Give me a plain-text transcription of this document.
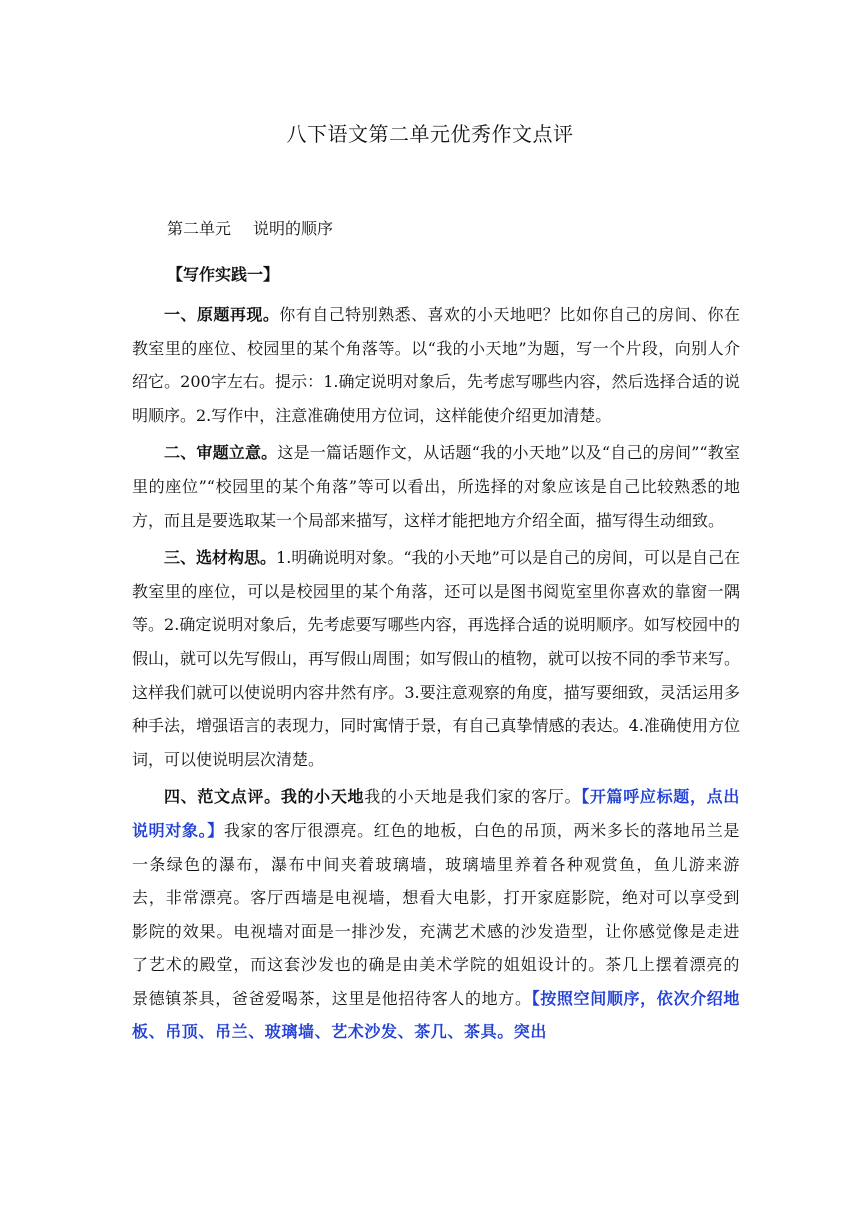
八下语文第二单元优秀作文点评
第二单元 说明的顺序
【写作实践一】

一、原题再现。你有自己特别熟悉、喜欢的小天地吧？比如你自己的房间、你在教室里的座位、校园里的某个角落等。以“我的小天地”为题，写一个片段，向别人介绍它。200字左右。提示：1.确定说明对象后，先考虑写哪些内容，然后选择合适的说明顺序。2.写作中，注意准确使用方位词，这样能使介绍更加清楚。

二、审题立意。这是一篇话题作文，从话题“我的小天地”以及“自己的房间”“教室里的座位”“校园里的某个角落”等可以看出，所选择的对象应该是自己比较熟悉的地方，而且是要选取某一个局部来描写，这样才能把地方介绍全面，描写得生动细致。

三、选材构思。1.明确说明对象。“我的小天地”可以是自己的房间，可以是自己在教室里的座位，可以是校园里的某个角落，还可以是图书阅览室里你喜欢的靠窗一隅等。2.确定说明对象后，先考虑要写哪些内容，再选择合适的说明顺序。如写校园中的假山，就可以先写假山，再写假山周围；如写假山的植物，就可以按不同的季节来写。这样我们就可以使说明内容井然有序。3.要注意观察的角度，描写要细致，灵活运用多种手法，增强语言的表现力，同时寓情于景，有自己真挚情感的表达。4.准确使用方位词，可以使说明层次清楚。

四、范文点评。我的小天地我的小天地是我们家的客厅。【开篇呼应标题，点出说明对象。】我家的客厅很漂亮。红色的地板，白色的吊顶，两米多长的落地吊兰是一条绿色的瀑布，瀑布中间夹着玻璃墙，玻璃墙里养着各种观赏鱼，鱼儿游来游去，非常漂亮。客厅西墙是电视墙，想看大电影，打开家庭影院，绝对可以享受到影院的效果。电视墙对面是一排沙发，充满艺术感的沙发造型，让你感觉像是走进了艺术的殿堂，而这套沙发也的确是由美术学院的姐姐设计的。茶几上摆着漂亮的景德镇茶具，爸爸爱喝茶，这里是他招待客人的地方。【按照空间顺序，依次介绍地板、吊顶、吊兰、玻璃墙、艺术沙发、茶几、茶具。突出
